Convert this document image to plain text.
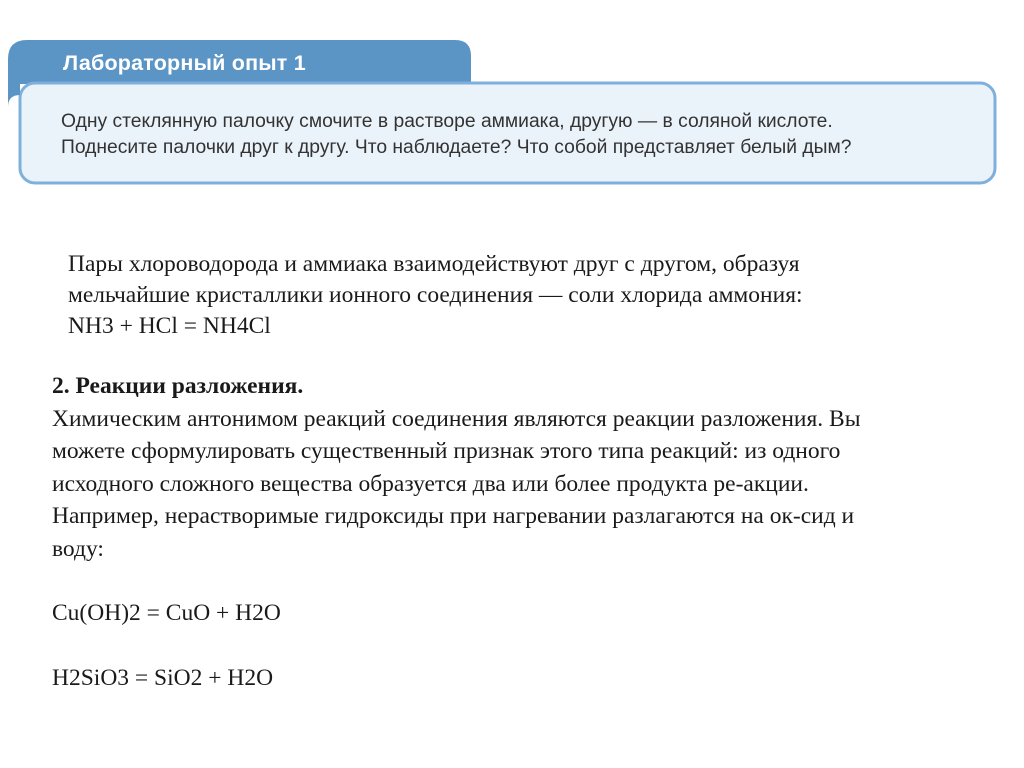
Лабораторный опыт 1
Одну стеклянную палочку смочите в растворе аммиака, другую — в соляной кислоте.
Поднесите палочки друг к другу. Что наблюдаете? Что собой представляет белый дым?
Пары хлороводорода и аммиака взаимодействуют друг с другом, образуя
мельчайшие кристаллики ионного соединения — соли хлорида аммония:
NH3 + HCl = NH4Cl
2. Реакции разложения.
Химическим антонимом реакций соединения являются реакции разложения. Вы
можете сформулировать существенный признак этого типа реакций: из одного
исходного сложного вещества образуется два или более продукта ре-акции.
Например, нерастворимые гидроксиды при нагревании разлагаются на ок-сид и
воду:
Cu(OH)2 = CuO + H2O
H2SiO3 = SiO2 + H2O
